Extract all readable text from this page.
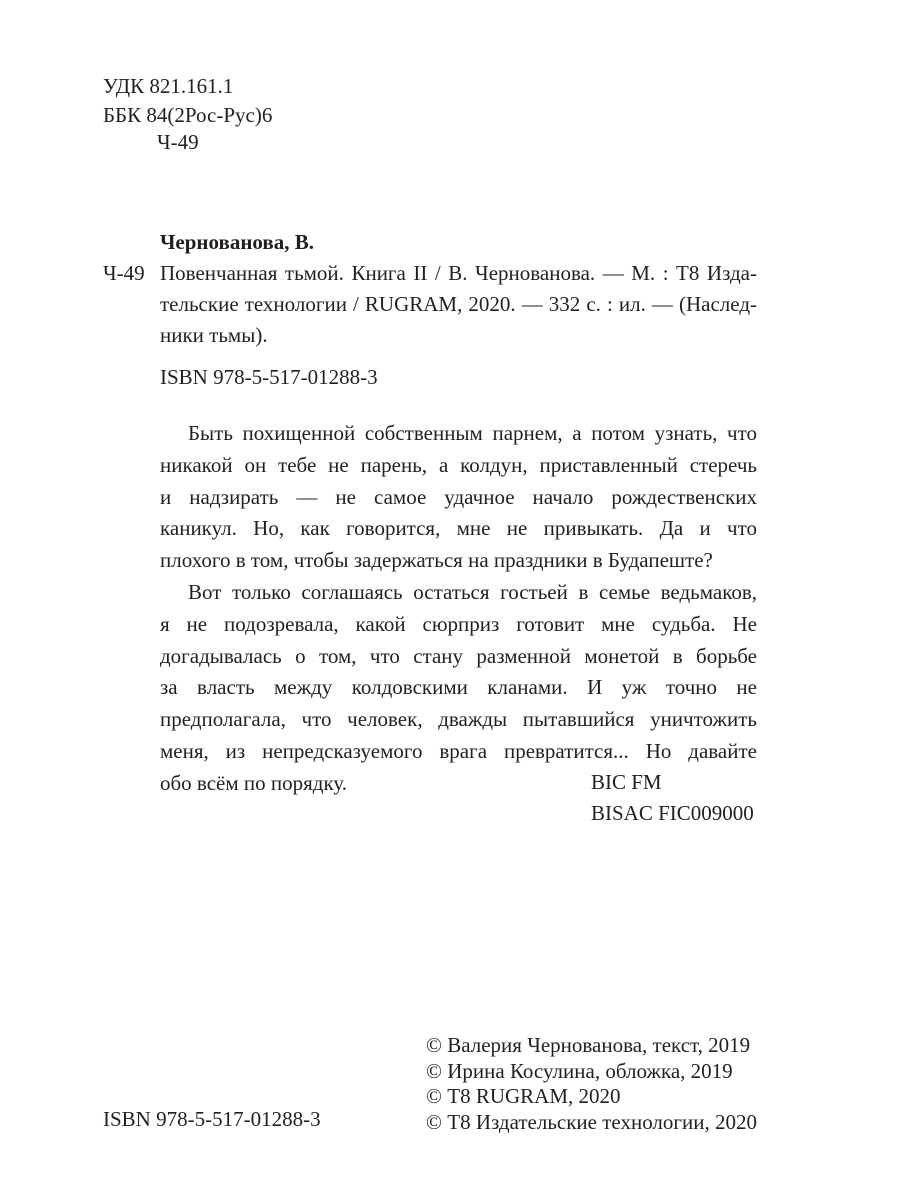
УДК 821.161.1
ББК 84(2Рос-Рус)6
Ч-49
Чернованова, В.
Ч-49 Повенчанная тьмой. Книга II / В. Чернованова. — М. : Т8 Изда-
тельские технологии / RUGRAM, 2020. — 332 с. : ил. — (Наслед-
ники тьмы).
ISBN 978-5-517-01288-3

Быть похищенной собственным парнем, а потом узнать, что
никакой он тебе не парень, а колдун, приставленный стеречь
и надзирать — не самое удачное начало рождественских
каникул. Но, как говорится, мне не привыкать. Да и что
плохого в том, чтобы задержаться на праздники в Будапеште?

Вот только соглашаясь остаться гостьей в семье ведьмаков,
я не подозревала, какой сюрприз готовит мне судьба. Не
догадывалась о том, что стану разменной монетой в борьбе
за власть между колдовскими кланами. И уж точно не
предполагала, что человек, дважды пытавшийся уничтожить
меня, из непредсказуемого врага превратится... Но давайте
обо всём по порядку.	BIC FM
BISAC FIC009000
© Валерия Чернованова, текст, 2019
© Ирина Косулина, обложка, 2019
© Т8 RUGRAM, 2020
© Т8 Издательские технологии, 2020
ISBN 978-5-517-01288-3
